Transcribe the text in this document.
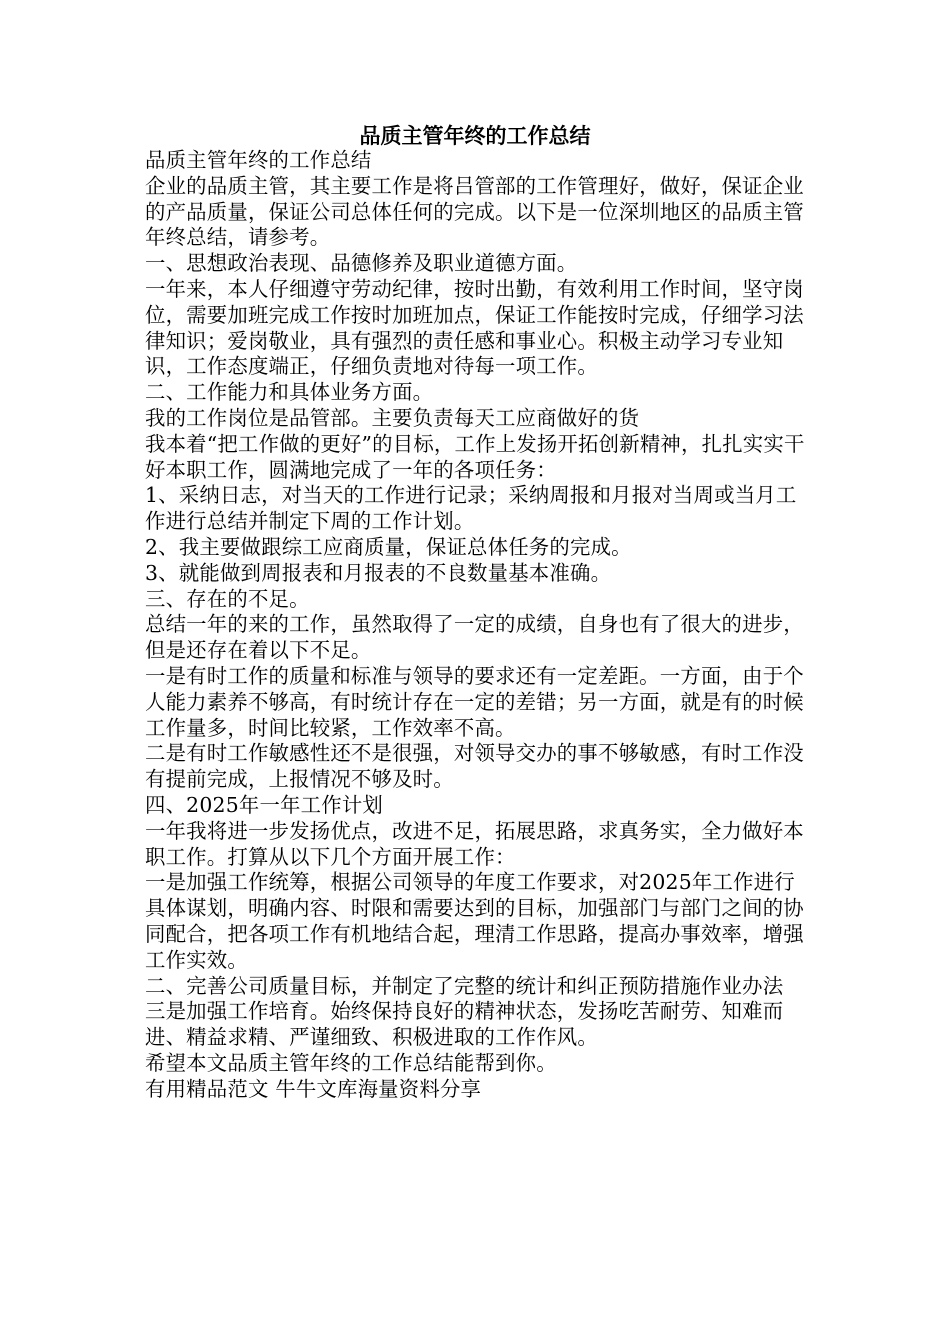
品质主管年终的工作总结

品质主管年终的工作总结

企业的品质主管，其主要工作是将吕管部的工作管理好，做好，保证企业的产品质量，保证公司总体任何的完成。以下是一位深圳地区的品质主管年终总结，请参考。

一、思想政治表现、品德修养及职业道德方面。

一年来，本人仔细遵守劳动纪律，按时出勤，有效利用工作时间，坚守岗位，需要加班完成工作按时加班加点，保证工作能按时完成，仔细学习法律知识；爱岗敬业，具有强烈的责任感和事业心。积极主动学习专业知识，工作态度端正，仔细负责地对待每一项工作。

二、工作能力和具体业务方面。

我的工作岗位是品管部。主要负责每天工应商做好的货

我本着“把工作做的更好”的目标，工作上发扬开拓创新精神，扎扎实实干好本职工作，圆满地完成了一年的各项任务：

1、采纳日志，对当天的工作进行记录；采纳周报和月报对当周或当月工作进行总结并制定下周的工作计划。

2、我主要做跟综工应商质量，保证总体任务的完成。

3、就能做到周报表和月报表的不良数量基本准确。

三、存在的不足。

总结一年的来的工作，虽然取得了一定的成绩，自身也有了很大的进步，但是还存在着以下不足。

一是有时工作的质量和标准与领导的要求还有一定差距。一方面，由于个人能力素养不够高，有时统计存在一定的差错；另一方面，就是有的时候工作量多，时间比较紧，工作效率不高。

二是有时工作敏感性还不是很强，对领导交办的事不够敏感，有时工作没有提前完成，上报情况不够及时。

四、2025年一年工作计划

一年我将进一步发扬优点，改进不足，拓展思路，求真务实，全力做好本职工作。打算从以下几个方面开展工作：

一是加强工作统筹，根据公司领导的年度工作要求，对2025年工作进行具体谋划，明确内容、时限和需要达到的目标，加强部门与部门之间的协同配合，把各项工作有机地结合起，理清工作思路，提高办事效率，增强工作实效。

二、完善公司质量目标，并制定了完整的统计和纠正预防措施作业办法

三是加强工作培育。始终保持良好的精神状态，发扬吃苦耐劳、知难而进、精益求精、严谨细致、积极进取的工作作风。

希望本文品质主管年终的工作总结能帮到你。

有用精品范文 牛牛文库海量资料分享
